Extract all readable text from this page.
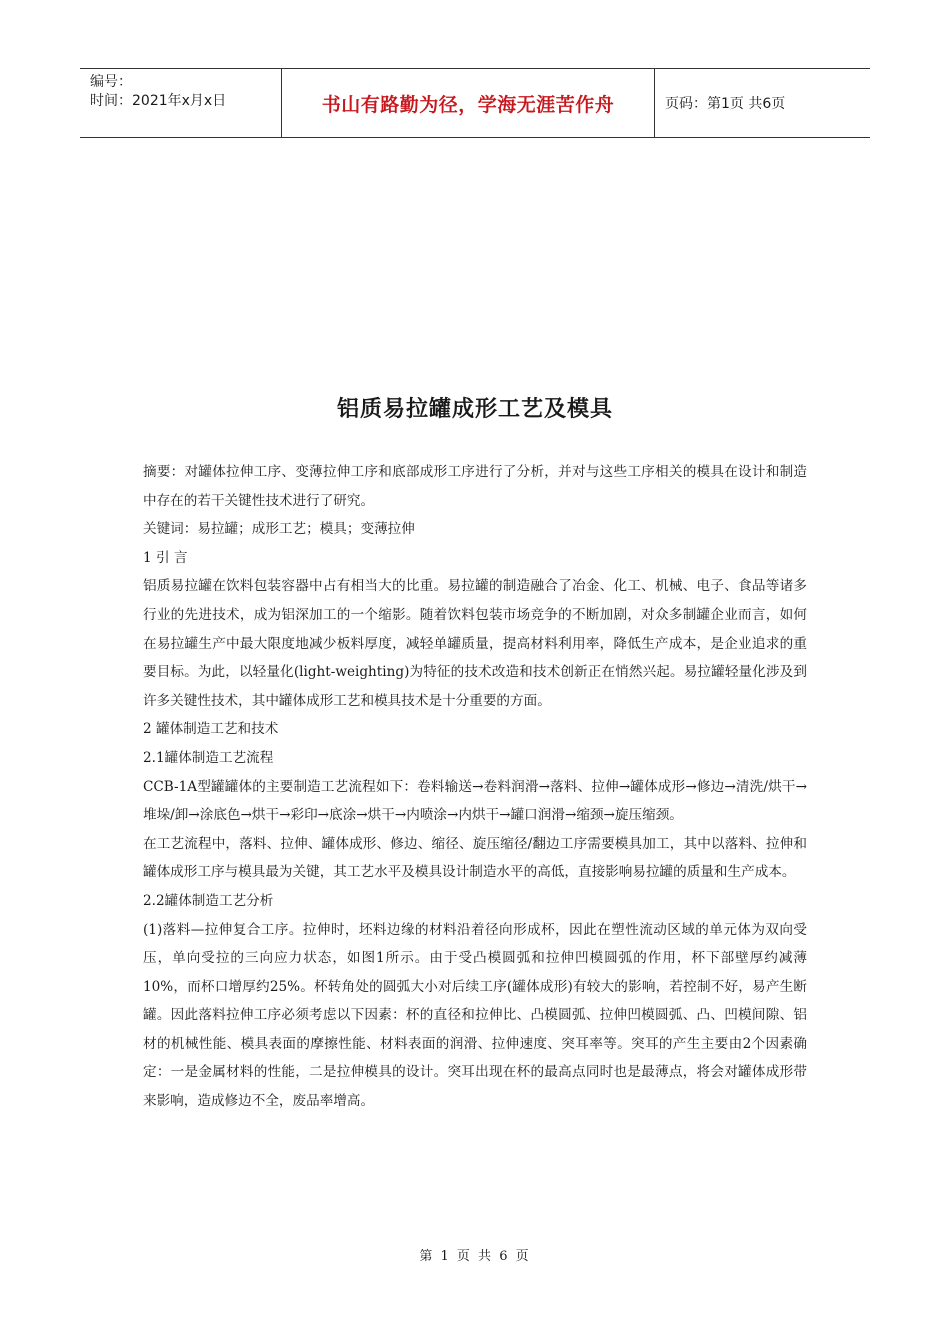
编号：
时间：2021年x月x日	书山有路勤为径，学海无涯苦作舟	页码：第1页 共6页
铝质易拉罐成形工艺及模具

摘要：对罐体拉伸工序、变薄拉伸工序和底部成形工序进行了分析，并对与这些工序相关的模具在设计和制造中存在的若干关键性技术进行了研究。

关键词：易拉罐；成形工艺；模具；变薄拉伸

1 引 言

铝质易拉罐在饮料包装容器中占有相当大的比重。易拉罐的制造融合了冶金、化工、机械、电子、食品等诸多行业的先进技术，成为铝深加工的一个缩影。随着饮料包装市场竞争的不断加剧，对众多制罐企业而言，如何在易拉罐生产中最大限度地减少板料厚度，减轻单罐质量，提高材料利用率，降低生产成本，是企业追求的重要目标。为此，以轻量化(light-weighting)为特征的技术改造和技术创新正在悄然兴起。易拉罐轻量化涉及到许多关键性技术，其中罐体成形工艺和模具技术是十分重要的方面。

2 罐体制造工艺和技术

2.1罐体制造工艺流程

CCB-1A型罐罐体的主要制造工艺流程如下：卷料输送→卷料润滑→落料、拉伸→罐体成形→修边→清洗/烘干→堆垛/卸→涂底色→烘干→彩印→底涂→烘干→内喷涂→内烘干→罐口润滑→缩颈→旋压缩颈。

在工艺流程中，落料、拉伸、罐体成形、修边、缩径、旋压缩径/翻边工序需要模具加工，其中以落料、拉伸和罐体成形工序与模具最为关键，其工艺水平及模具设计制造水平的高低，直接影响易拉罐的质量和生产成本。

2.2罐体制造工艺分析

(1)落料—拉伸复合工序。拉伸时，坯料边缘的材料沿着径向形成杯，因此在塑性流动区域的单元体为双向受压，单向受拉的三向应力状态，如图1所示。由于受凸模圆弧和拉伸凹模圆弧的作用，杯下部壁厚约减薄10%，而杯口增厚约25%。杯转角处的圆弧大小对后续工序(罐体成形)有较大的影响，若控制不好，易产生断罐。因此落料拉伸工序必须考虑以下因素：杯的直径和拉伸比、凸模圆弧、拉伸凹模圆弧、凸、凹模间隙、铝材的机械性能、模具表面的摩擦性能、材料表面的润滑、拉伸速度、突耳率等。突耳的产生主要由2个因素确定：一是金属材料的性能，二是拉伸模具的设计。突耳出现在杯的最高点同时也是最薄点，将会对罐体成形带来影响，造成修边不全，废品率增高。

第 1 页 共 6 页
